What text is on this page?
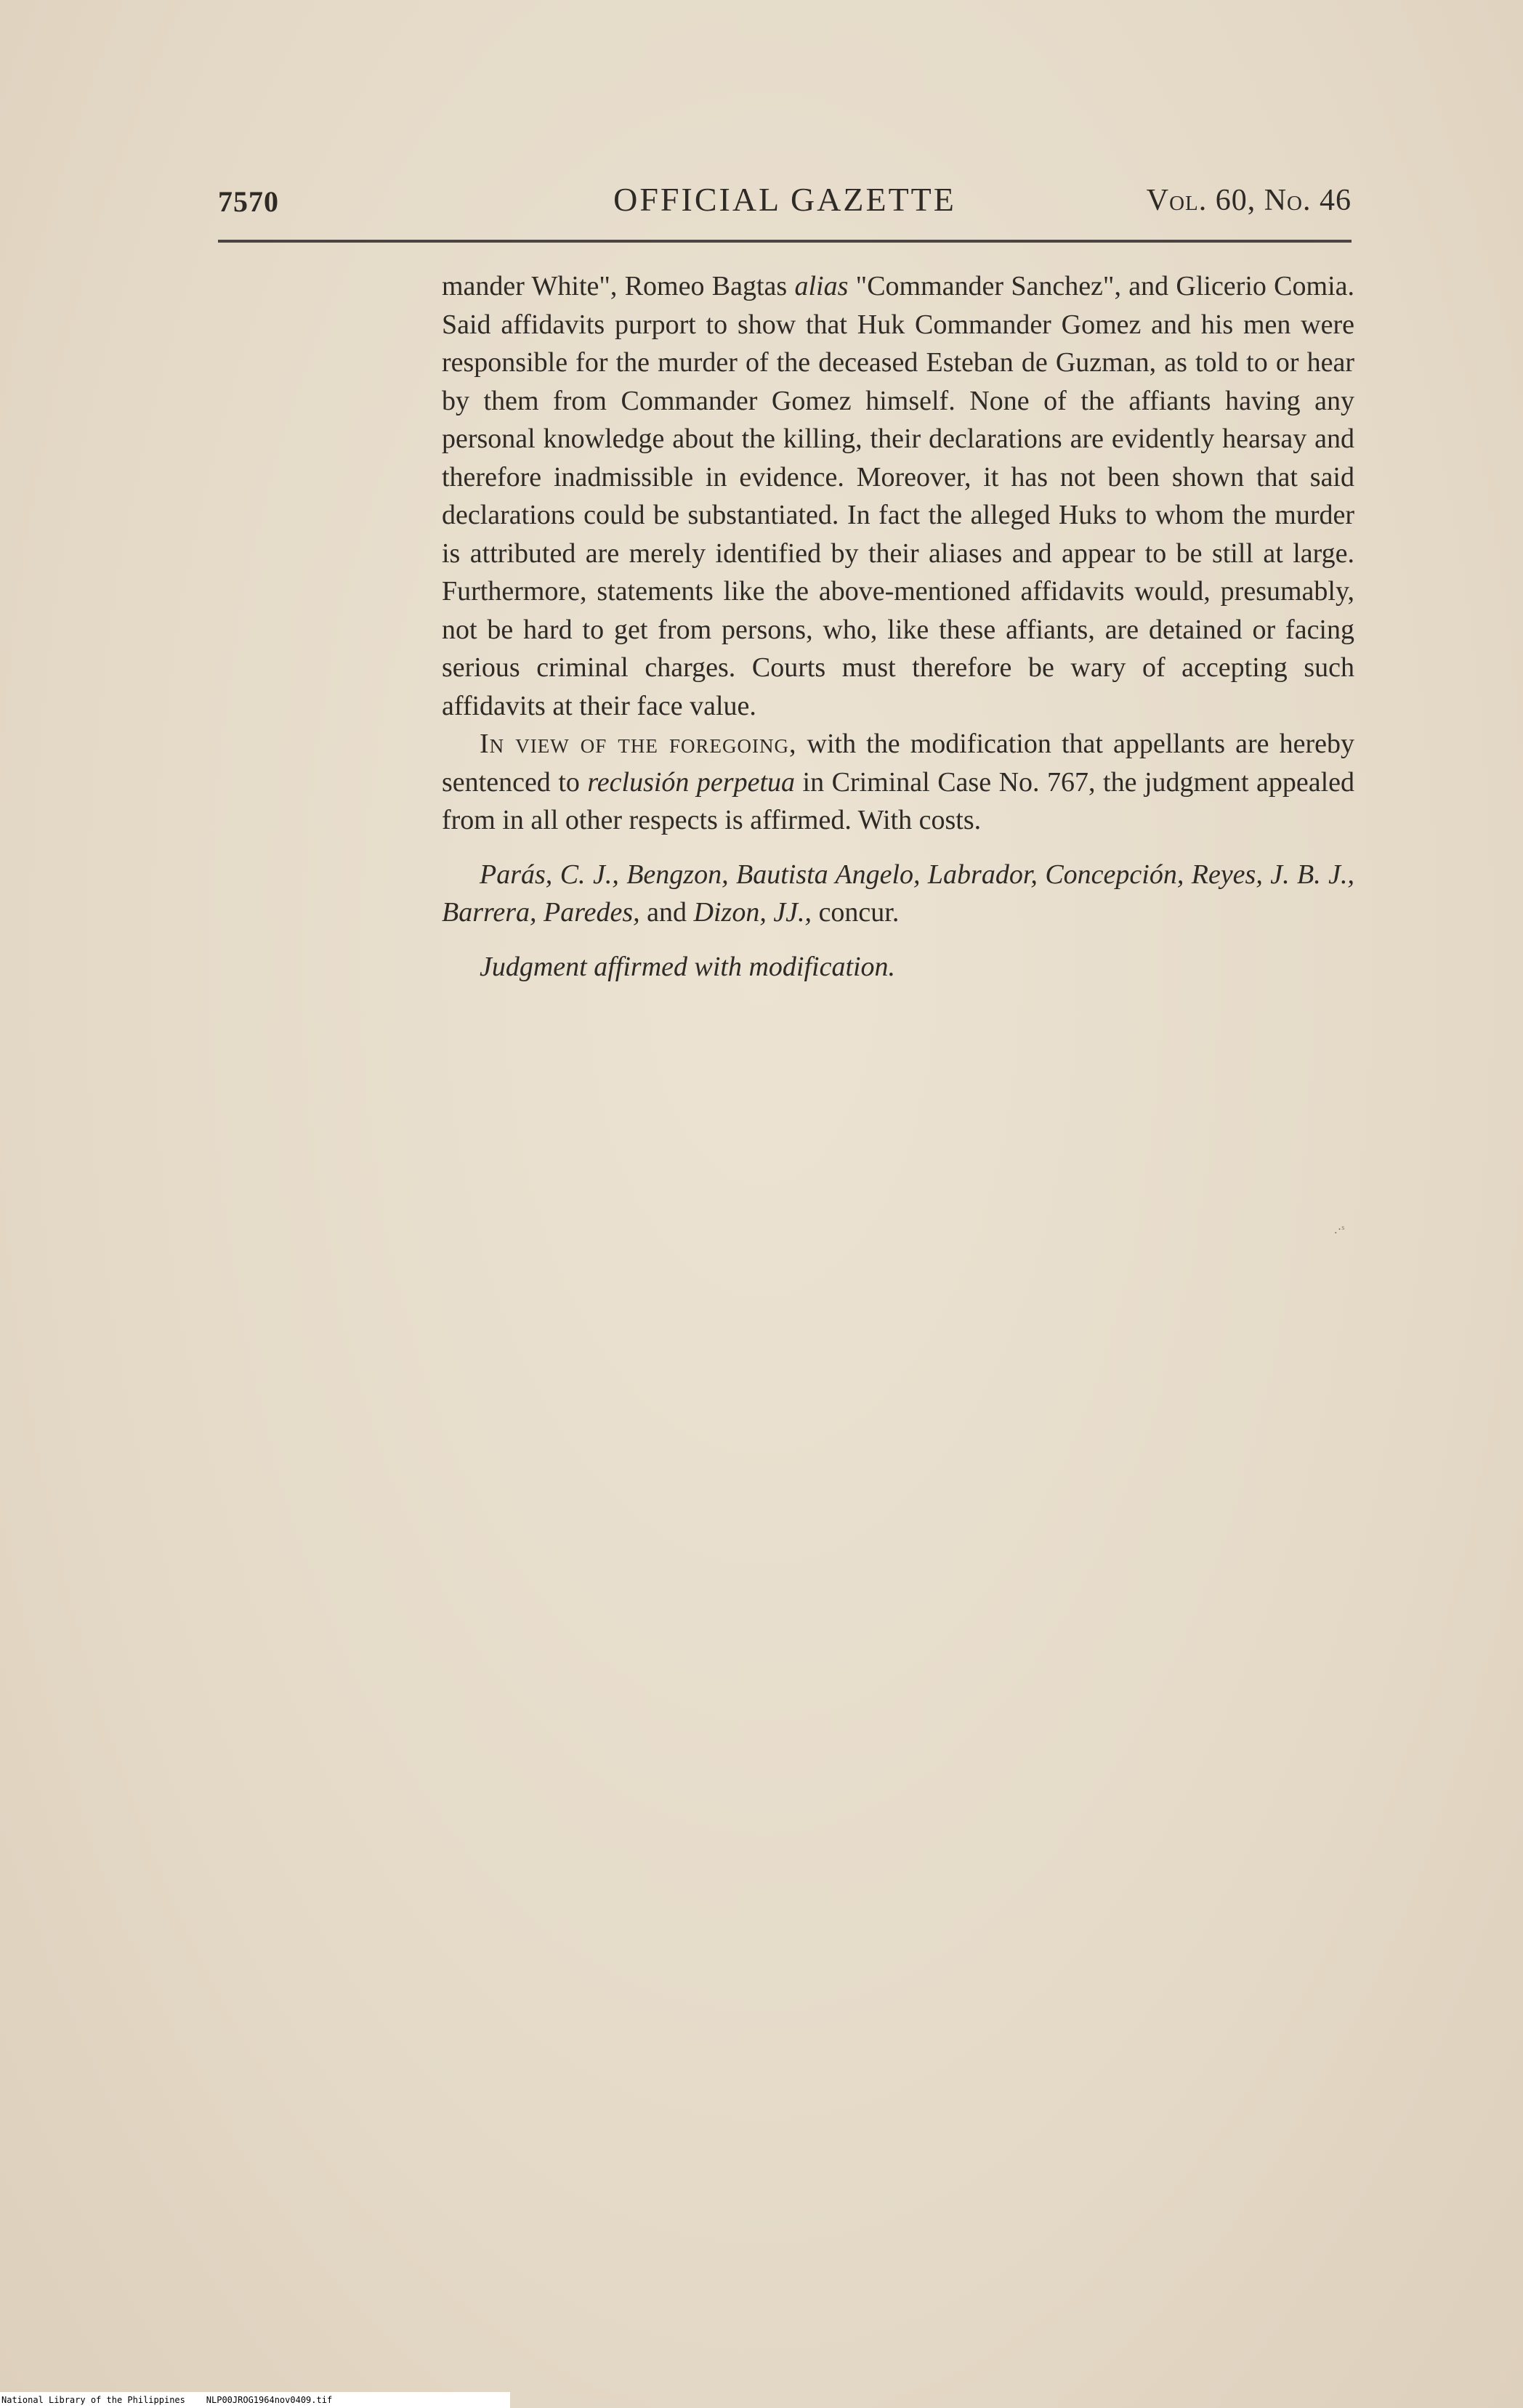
7570	OFFICIAL GAZETTE	Vol. 60, No. 46

mander White", Romeo Bagtas alias "Commander Sanchez", and Glicerio Comia. Said affidavits purport to show that Huk Commander Gomez and his men were responsible for the murder of the deceased Esteban de Guzman, as told to or hear by them from Commander Gomez himself. None of the affiants having any personal knowledge about the killing, their declarations are evidently hearsay and therefore inadmissible in evidence. Moreover, it has not been shown that said declarations could be substantiated. In fact the alleged Huks to whom the murder is attributed are merely identified by their aliases and appear to be still at large. Furthermore, statements like the above-mentioned affidavits would, presumably, not be hard to get from persons, who, like these affiants, are detained or facing serious criminal charges. Courts must therefore be wary of accepting such affidavits at their face value.

In view of the foregoing, with the modification that appellants are hereby sentenced to reclusión perpetua in Criminal Case No. 767, the judgment appealed from in all other respects is affirmed. With costs.

Parás, C. J., Bengzon, Bautista Angelo, Labrador, Concepción, Reyes, J. B. J., Barrera, Paredes, and Dizon, JJ., concur.

Judgment affirmed with modification.

.·ˢ
National Library of the Philippines NLP00JROG1964nov0409.tif
